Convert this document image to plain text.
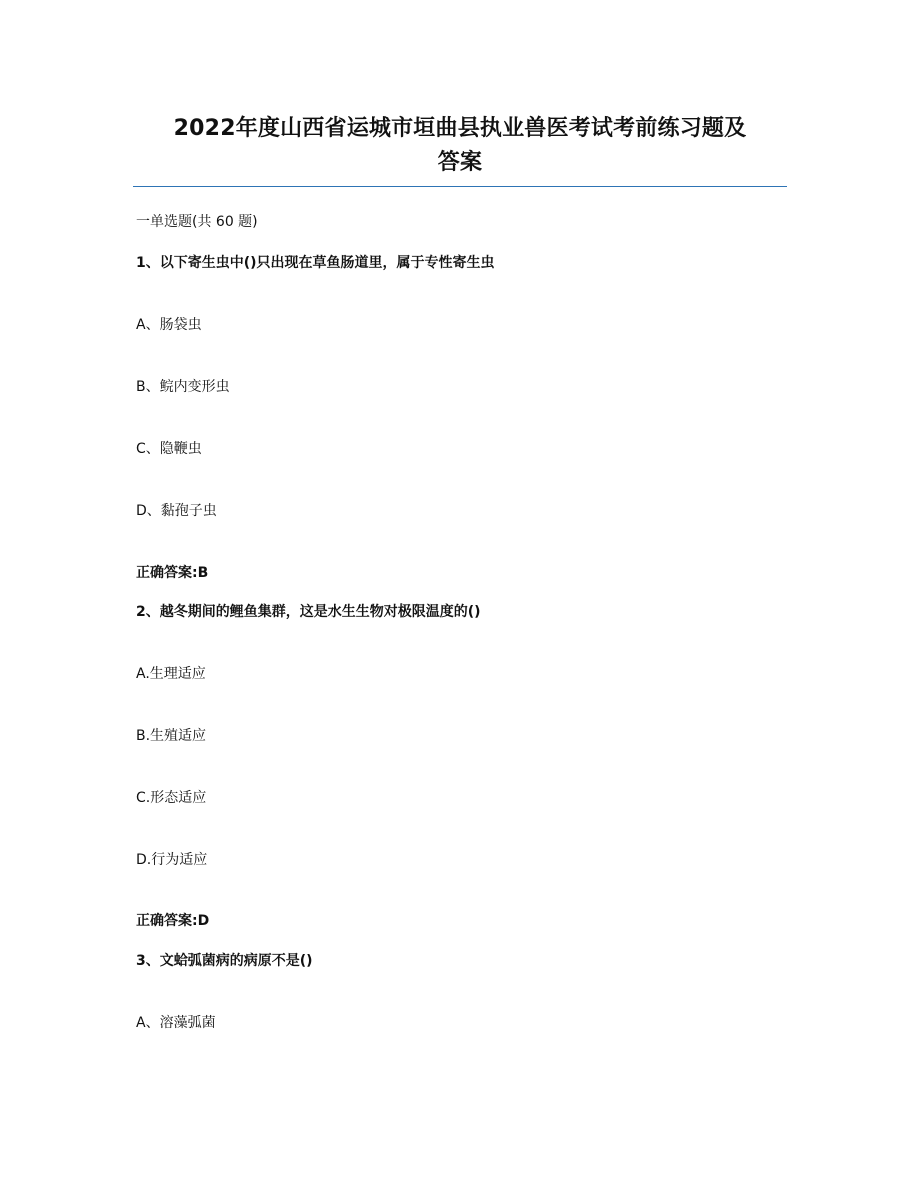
2022年度山西省运城市垣曲县执业兽医考试考前练习题及
答案
一单选题(共 60 题)
1、以下寄生虫中()只出现在草鱼肠道里，属于专性寄生虫
A、肠袋虫
B、鲩内变形虫
C、隐鞭虫
D、黏孢子虫
正确答案:B
2、越冬期间的鲤鱼集群，这是水生生物对极限温度的()
A.生理适应
B.生殖适应
C.形态适应
D.行为适应
正确答案:D
3、文蛤弧菌病的病原不是()
A、溶藻弧菌
